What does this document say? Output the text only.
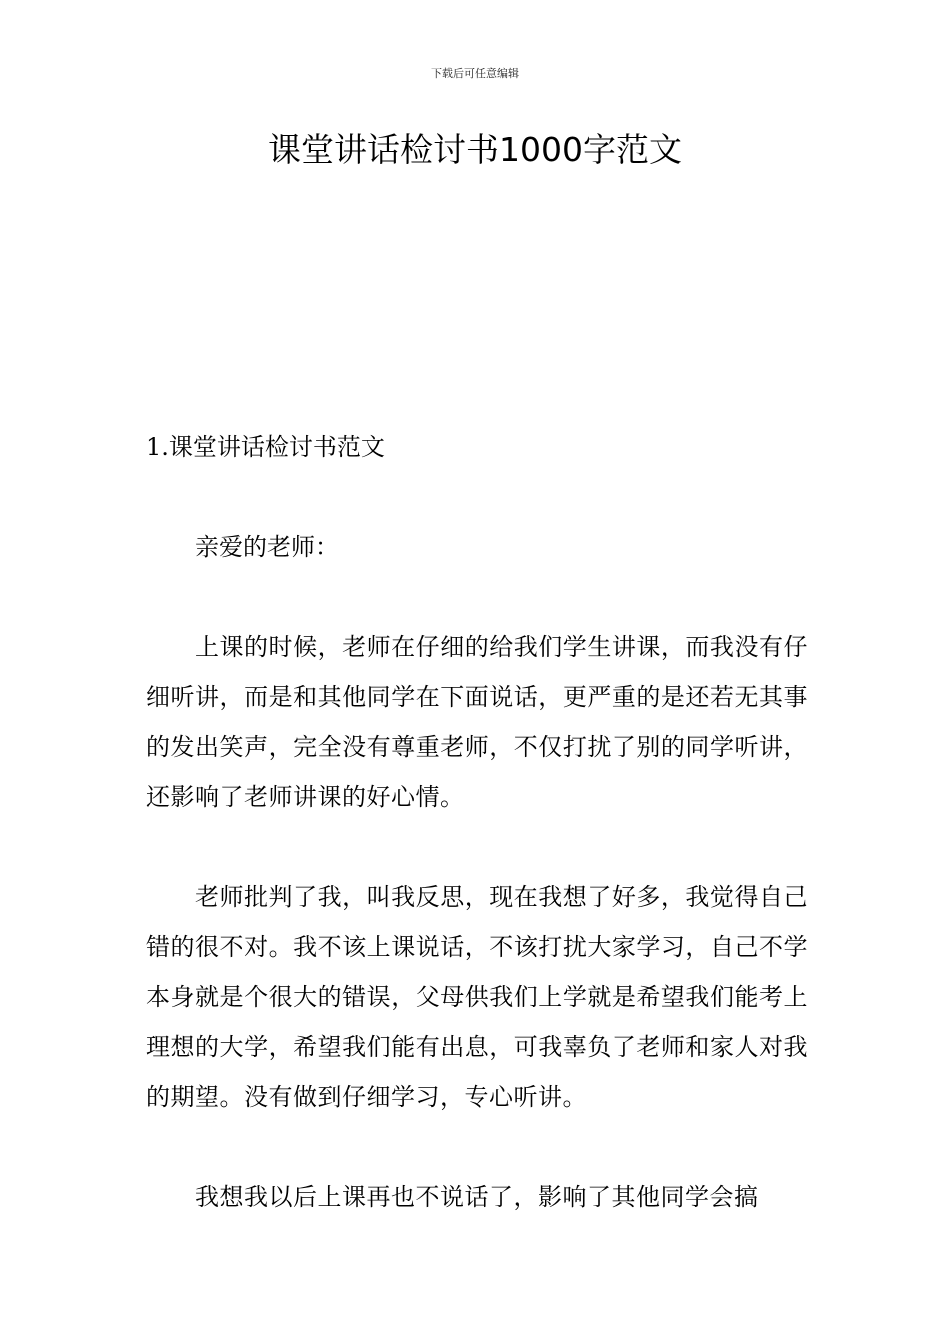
下载后可任意编辑
课堂讲话检讨书1000字范文

1.课堂讲话检讨书范文

亲爱的老师：

上课的时候，老师在仔细的给我们学生讲课，而我没有仔细听讲，而是和其他同学在下面说话，更严重的是还若无其事的发出笑声，完全没有尊重老师，不仅打扰了别的同学听讲，还影响了老师讲课的好心情。

老师批判了我，叫我反思，现在我想了好多，我觉得自己错的很不对。我不该上课说话，不该打扰大家学习，自己不学本身就是个很大的错误，父母供我们上学就是希望我们能考上理想的大学，希望我们能有出息，可我辜负了老师和家人对我的期望。没有做到仔细学习，专心听讲。

我想我以后上课再也不说话了，影响了其他同学会搞
